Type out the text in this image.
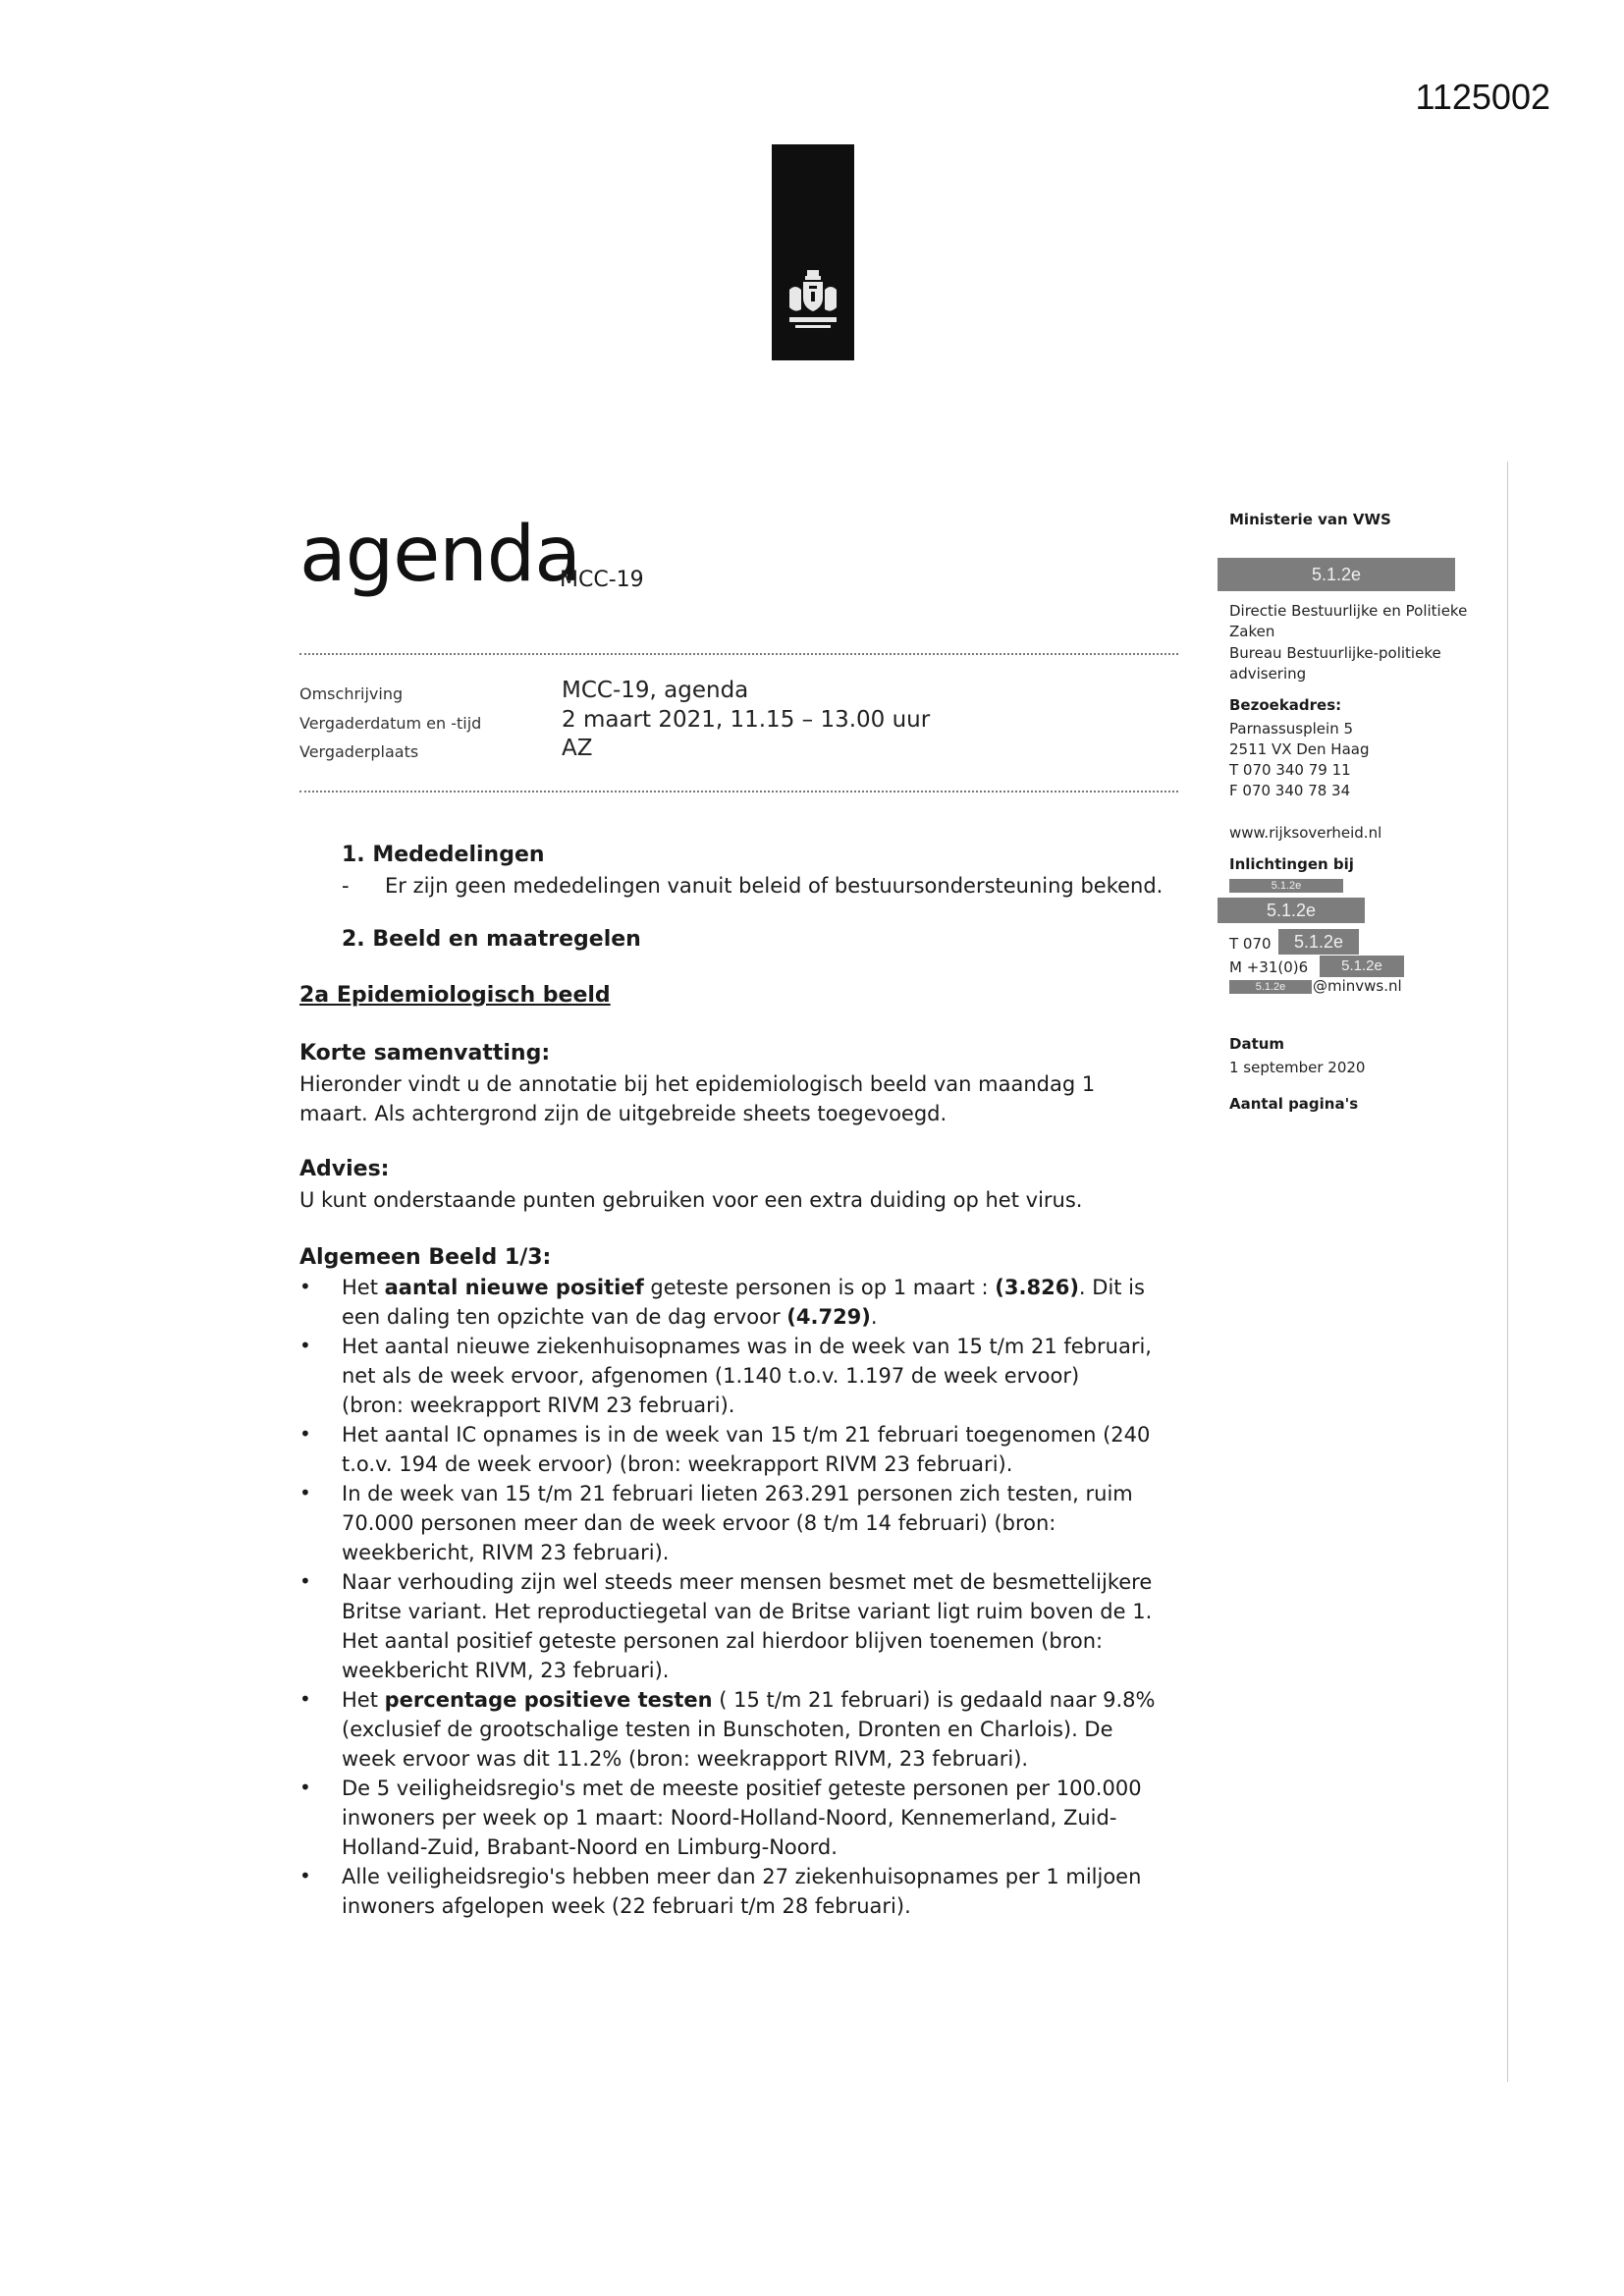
1125002
agenda
MCC-19
Omschrijving	MCC-19, agenda
Vergaderdatum en -tijd	2 maart 2021, 11.15 – 13.00 uur
Vergaderplaats	AZ
1. Mededelingen
- Er zijn geen mededelingen vanuit beleid of bestuursondersteuning bekend.
2. Beeld en maatregelen
2a Epidemiologisch beeld
Korte samenvatting:
Hieronder vindt u de annotatie bij het epidemiologisch beeld van maandag 1
maart. Als achtergrond zijn de uitgebreide sheets toegevoegd.
Advies:
U kunt onderstaande punten gebruiken voor een extra duiding op het virus.
Algemeen Beeld 1/3:
• Het aantal nieuwe positief geteste personen is op 1 maart : (3.826). Dit is
een daling ten opzichte van de dag ervoor (4.729).
• Het aantal nieuwe ziekenhuisopnames was in de week van 15 t/m 21 februari,
net als de week ervoor, afgenomen (1.140 t.o.v. 1.197 de week ervoor)
(bron: weekrapport RIVM 23 februari).
• Het aantal IC opnames is in de week van 15 t/m 21 februari toegenomen (240
t.o.v. 194 de week ervoor) (bron: weekrapport RIVM 23 februari).
• In de week van 15 t/m 21 februari lieten 263.291 personen zich testen, ruim
70.000 personen meer dan de week ervoor (8 t/m 14 februari) (bron:
weekbericht, RIVM 23 februari).
• Naar verhouding zijn wel steeds meer mensen besmet met de besmettelijkere
Britse variant. Het reproductiegetal van de Britse variant ligt ruim boven de 1.
Het aantal positief geteste personen zal hierdoor blijven toenemen (bron:
weekbericht RIVM, 23 februari).
• Het percentage positieve testen ( 15 t/m 21 februari) is gedaald naar 9.8%
(exclusief de grootschalige testen in Bunschoten, Dronten en Charlois). De
week ervoor was dit 11.2% (bron: weekrapport RIVM, 23 februari).
• De 5 veiligheidsregio's met de meeste positief geteste personen per 100.000
inwoners per week op 1 maart: Noord-Holland-Noord, Kennemerland, Zuid-
Holland-Zuid, Brabant-Noord en Limburg-Noord.
• Alle veiligheidsregio's hebben meer dan 27 ziekenhuisopnames per 1 miljoen
inwoners afgelopen week (22 februari t/m 28 februari).
Ministerie van VWS
5.1.2e
Directie Bestuurlijke en Politieke
Zaken
Bureau Bestuurlijke-politieke
advisering
Bezoekadres:
Parnassusplein 5
2511 VX Den Haag
T 070 340 79 11
F 070 340 78 34
www.rijksoverheid.nl
Inlichtingen bij
5.1.2e
5.1.2e
T 070	5.1.2e
M +31(0)6	5.1.2e
5.1.2e	@minvws.nl
Datum
1 september 2020
Aantal pagina's
